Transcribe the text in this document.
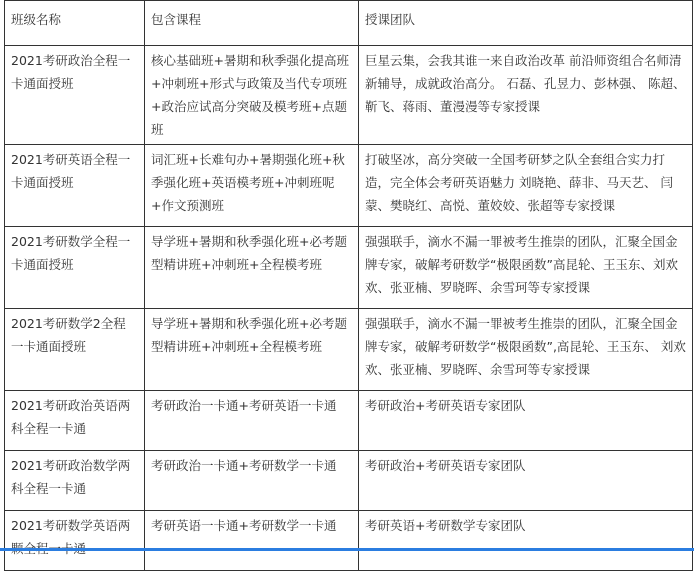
班级名称	包含课程	授课团队
2021考研政治全程一卡通面授班	核心基础班+暑期和秋季强化提高班+冲刺班+形式与政策及当代专项班+政治应试高分突破及模考班+点题班	巨星云集，会我其谁一来自政治改革 前沿师资组合名师清新辅导，成就政治高分。 石磊、孔昱力、彭林强、 陈超、靳飞、蒋雨、董漫漫等专家授课
2021考研英语全程一卡通面授班	词汇班+长难句办+暑期强化班+秋季强化班+英语模考班+冲刺班呢+作文预测班	打破坚冰，高分突破一全国考研梦之队全套组合实力打造，完全体会考研英语魅力 刘晓艳、薛非、马天艺、 闫蒙、樊晓红、高悦、董姣姣、张超等专家授课
2021考研数学全程一卡通面授班	导学班+暑期和秋季强化班+必考题型精讲班+冲刺班+全程模考班	强强联手，滴水不漏一罪被考生推崇的团队，汇聚全国金牌专家，破解考研数学“极限函数”高昆轮、王玉东、刘欢欢、张亚楠、罗晓晖、余雪珂等专家授课
2021考研数学2全程一卡通面授班	导学班+暑期和秋季强化班+必考题型精讲班+冲刺班+全程模考班	强强联手，滴水不漏一罪被考生推崇的团队，汇聚全国金牌专家，破解考研数学“极限函数”,高昆轮、王玉东、 刘欢欢、张亚楠、罗晓晖、余雪珂等专家授课
2021考研政治英语两科全程一卡通	考研政治一卡通+考研英语一卡通	考研政治+考研英语专家团队
2021考研政治数学两科全程一卡通	考研政治一卡通+考研数学一卡通	考研政治+考研英语专家团队
2021考研数学英语两	考研英语一卡通+考研数学一卡通	考研英语+考研数学专家团队
